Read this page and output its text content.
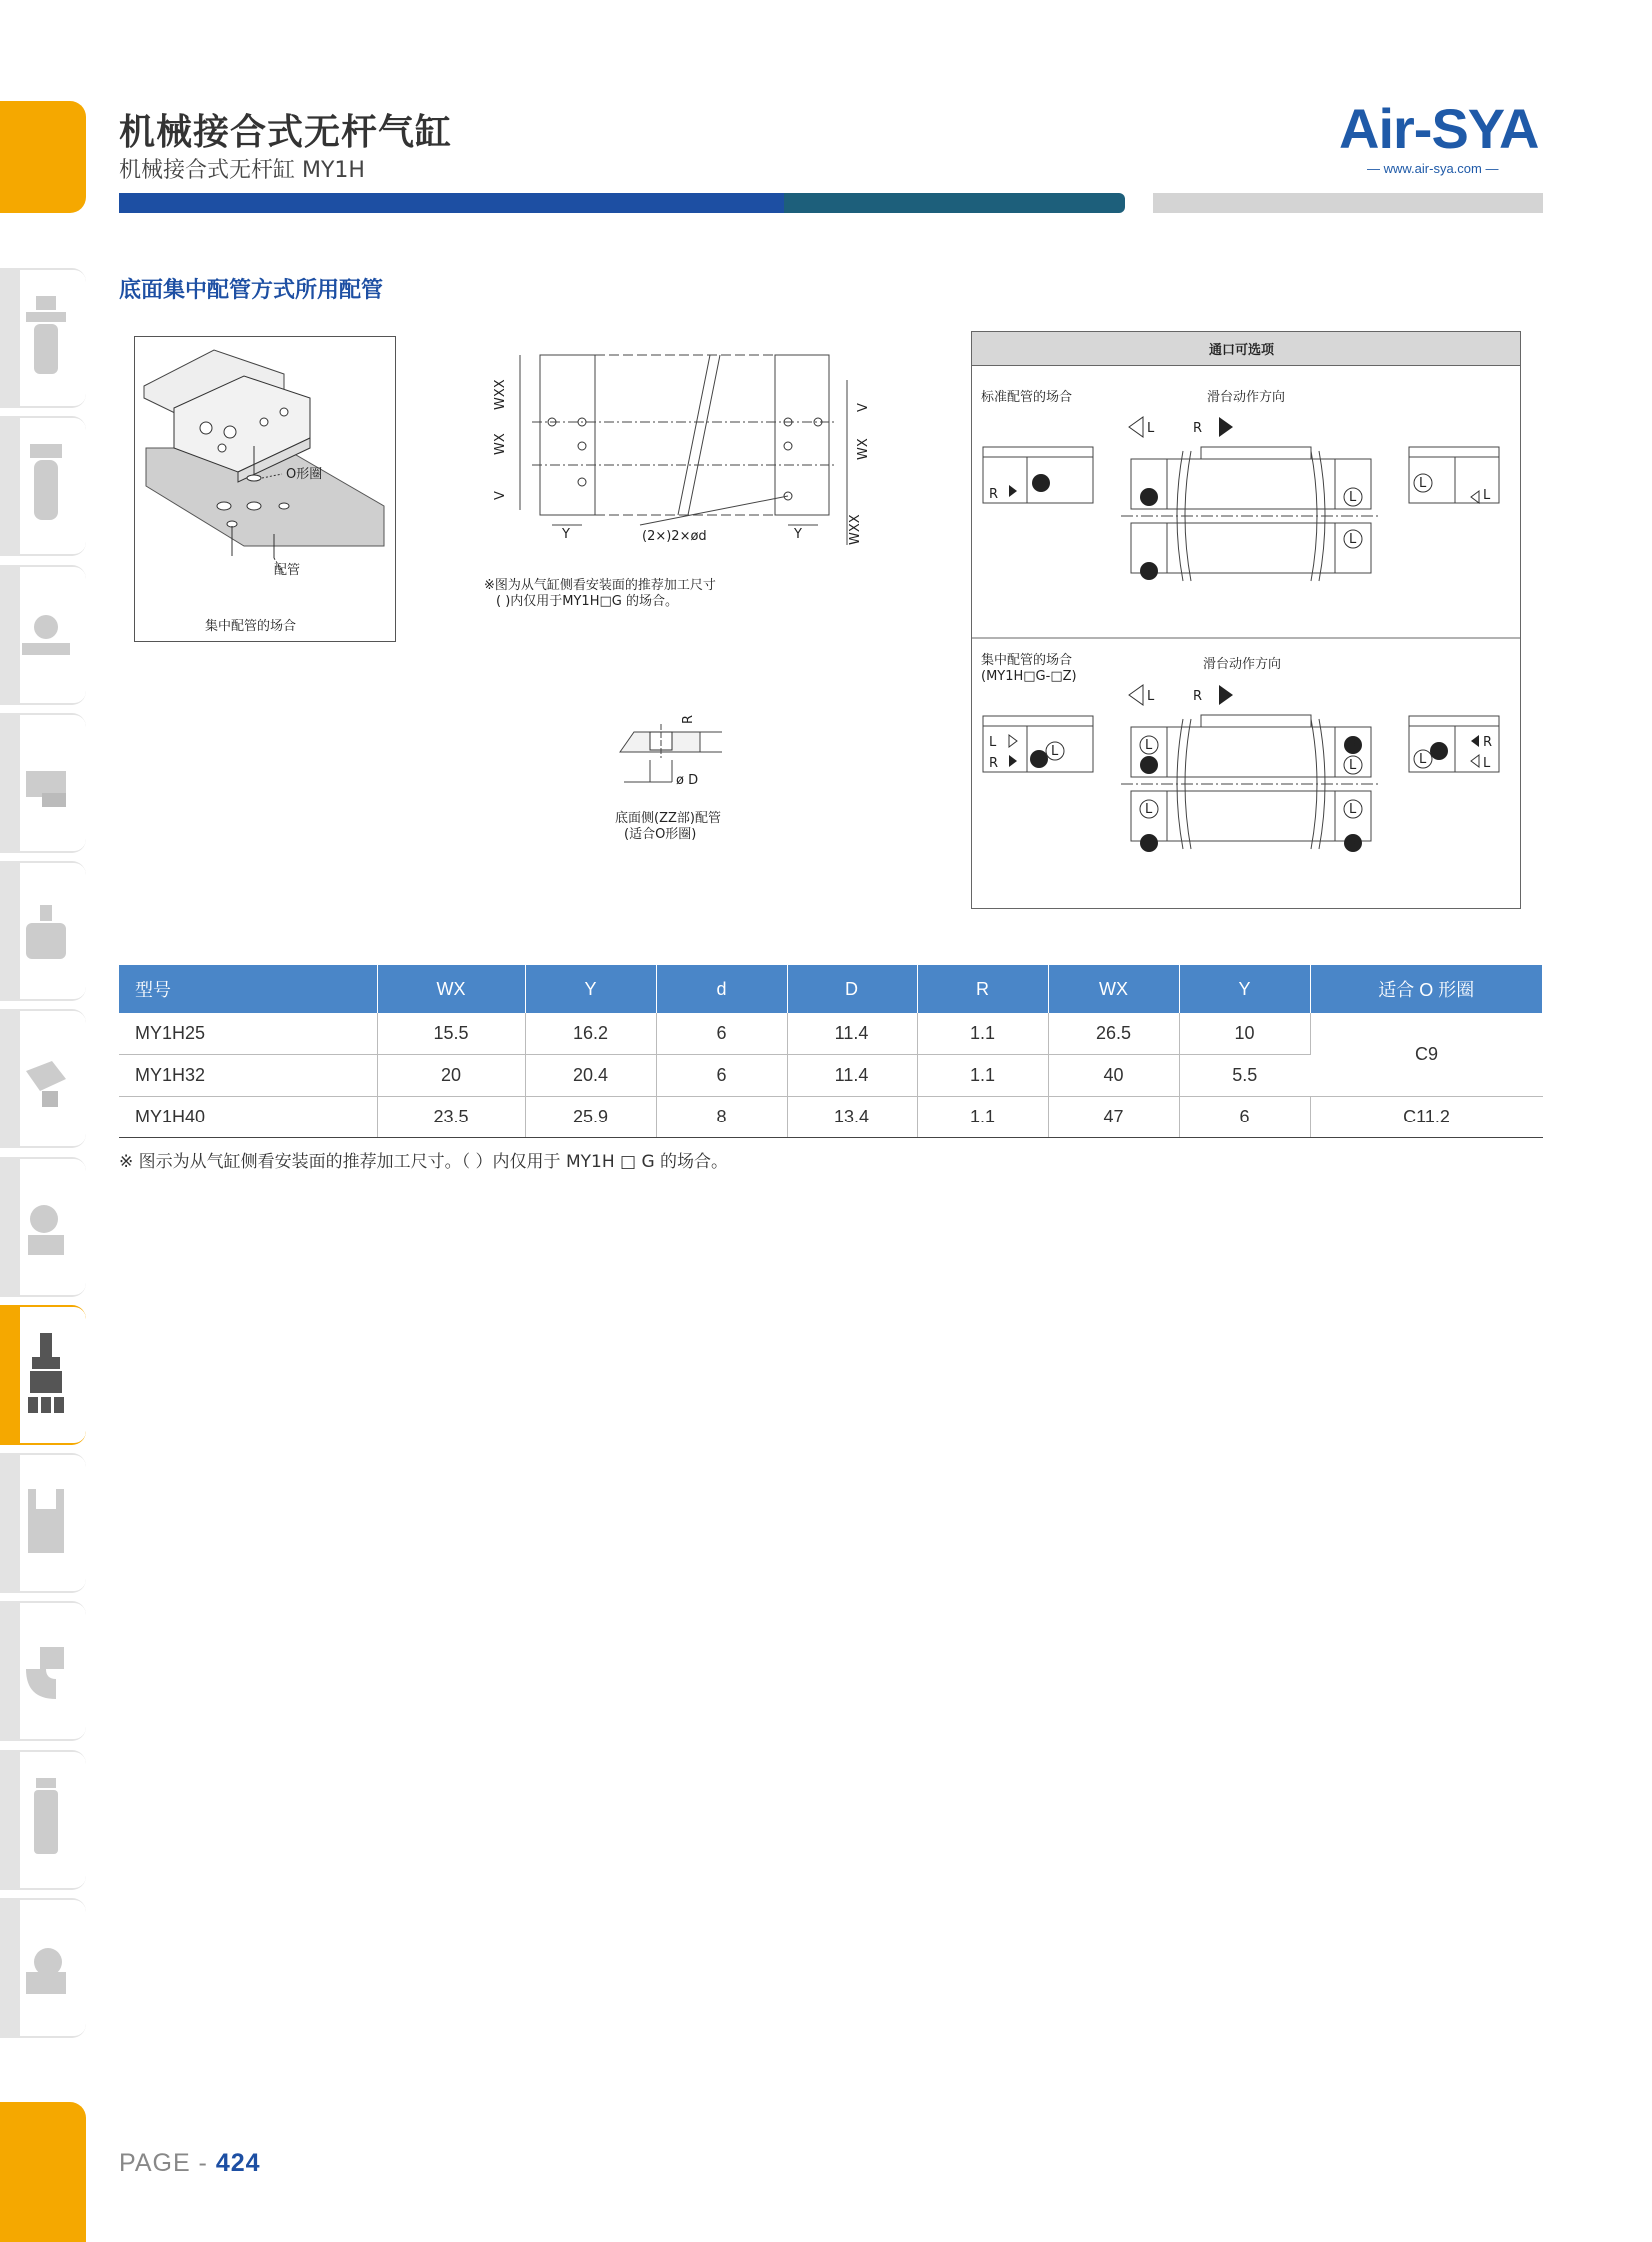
机械接合式无杆气缸
机械接合式无杆缸 MY1H
Air-SYA
— www.air-sya.com —
底面集中配管方式所用配管
O形圈
配管
集中配管的场合
WXX
WX
V
V
WX
WXX
Y	Y
(2×)2×ød
※图为从气缸侧看安装面的推荐加工尺寸
( )内仅用于MY1H□G 的场合。
R
ø D
底面侧(ZZ部)配管
(适合O形圈)
通口可选项
标准配管的场合	滑台动作方向
L	R
R
R	L
L
R	L
L
R
集中配管的场合
(MY1H□G-□Z)
滑台动作方向
L	R
L
R	R
L
L
R
R
L
L
R
R
L
L
R
L
R
型号	WX	Y	d	D	R	WX	Y	适合 O 形圈
MY1H25	15.5	16.2	6	11.4	1.1	26.5	10	C9
MY1H32	20	20.4	6	11.4	1.1	40	5.5	
MY1H40	23.5	25.9	8	13.4	1.1	47	6	C11.2
※ 图示为从气缸侧看安装面的推荐加工尺寸。（ ）内仅用于 MY1H □ G 的场合。
PAGE - 424
